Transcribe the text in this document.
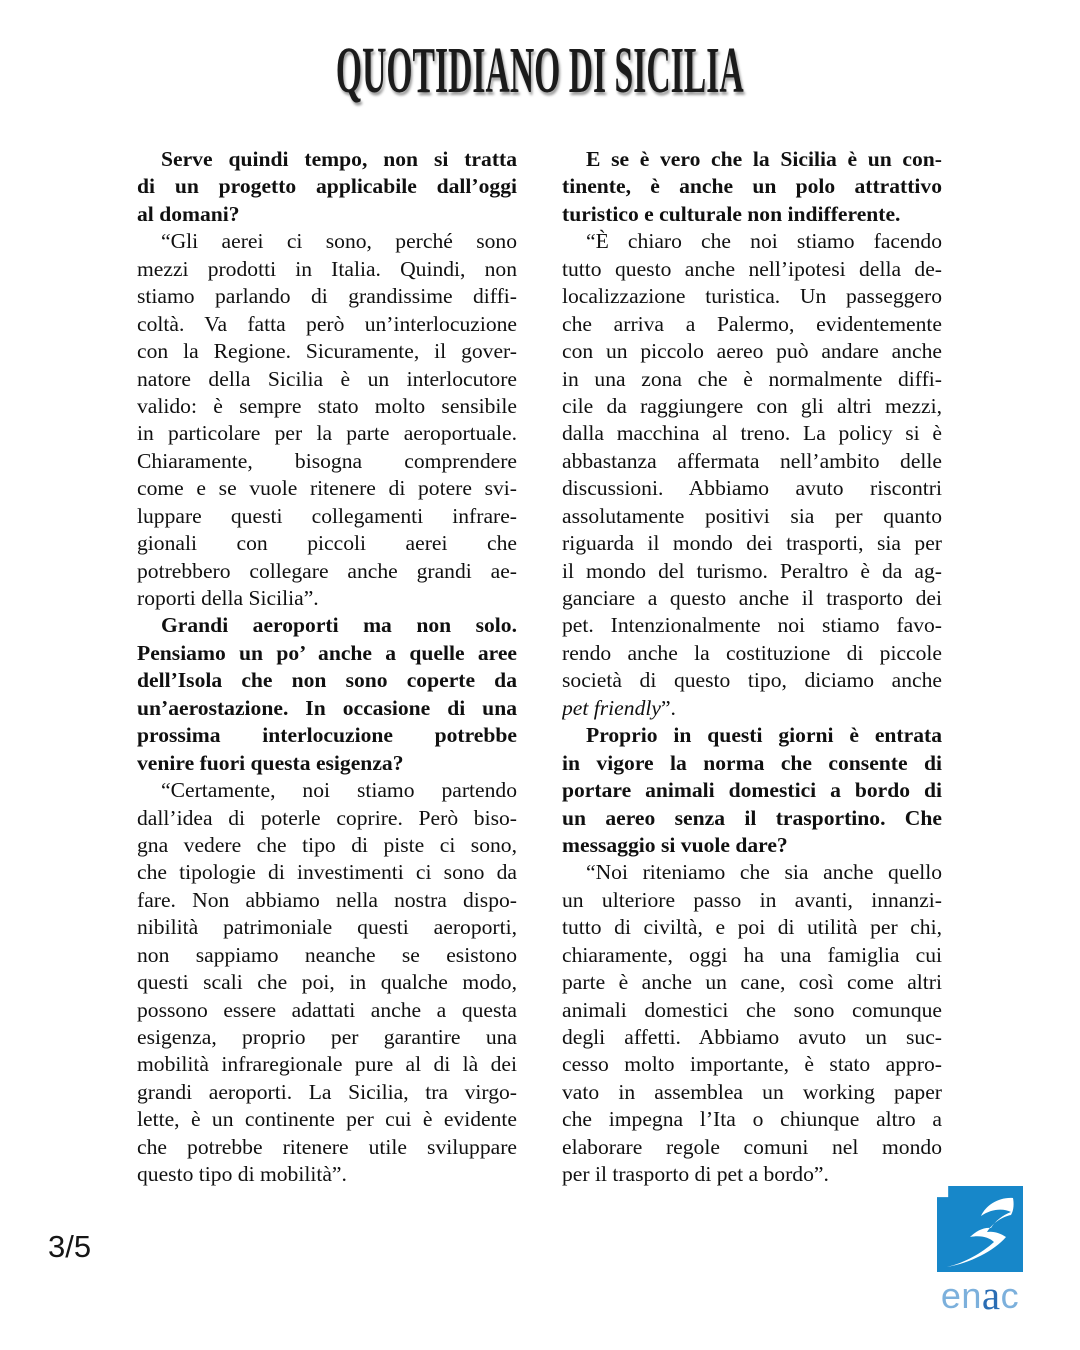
QUOTIDIANO DI SICILIA
Serve quindi tempo, non si tratta
di un progetto applicabile dall’oggi
al domani?
“Gli aerei ci sono, perché sono
mezzi prodotti in Italia. Quindi, non
stiamo parlando di grandissime diffi-
coltà. Va fatta però un’interlocuzione
con la Regione. Sicuramente, il gover-
natore della Sicilia è un interlocutore
valido: è sempre stato molto sensibile
in particolare per la parte aeroportuale.
Chiaramente, bisogna comprendere
come e se vuole ritenere di potere svi-
luppare questi collegamenti infrare-
gionali con piccoli aerei che
potrebbero collegare anche grandi ae-
roporti della Sicilia”.
Grandi aeroporti ma non solo.
Pensiamo un po’ anche a quelle aree
dell’Isola che non sono coperte da
un’aerostazione. In occasione di una
prossima interlocuzione potrebbe
venire fuori questa esigenza?
“Certamente, noi stiamo partendo
dall’idea di poterle coprire. Però biso-
gna vedere che tipo di piste ci sono,
che tipologie di investimenti ci sono da
fare. Non abbiamo nella nostra dispo-
nibilità patrimoniale questi aeroporti,
non sappiamo neanche se esistono
questi scali che poi, in qualche modo,
possono essere adattati anche a questa
esigenza, proprio per garantire una
mobilità infraregionale pure al di là dei
grandi aeroporti. La Sicilia, tra virgo-
lette, è un continente per cui è evidente
che potrebbe ritenere utile sviluppare
questo tipo di mobilità”.
E se è vero che la Sicilia è un con-
tinente, è anche un polo attrattivo
turistico e culturale non indifferente.
“È chiaro che noi stiamo facendo
tutto questo anche nell’ipotesi della de-
localizzazione turistica. Un passeggero
che arriva a Palermo, evidentemente
con un piccolo aereo può andare anche
in una zona che è normalmente diffi-
cile da raggiungere con gli altri mezzi,
dalla macchina al treno. La policy si è
abbastanza affermata nell’ambito delle
discussioni. Abbiamo avuto riscontri
assolutamente positivi sia per quanto
riguarda il mondo dei trasporti, sia per
il mondo del turismo. Peraltro è da ag-
ganciare a questo anche il trasporto dei
pet. Intenzionalmente noi stiamo favo-
rendo anche la costituzione di piccole
società di questo tipo, diciamo anche
pet friendly”.
Proprio in questi giorni è entrata
in vigore la norma che consente di
portare animali domestici a bordo di
un aereo senza il trasportino. Che
messaggio si vuole dare?
“Noi riteniamo che sia anche quello
un ulteriore passo in avanti, innanzi-
tutto di civiltà, e poi di utilità per chi,
chiaramente, oggi ha una famiglia cui
parte è anche un cane, così come altri
animali domestici che sono comunque
degli affetti. Abbiamo avuto un suc-
cesso molto importante, è stato appro-
vato in assemblea un working paper
che impegna l’Ita o chiunque altro a
elaborare regole comuni nel mondo
per il trasporto di pet a bordo”.
3/5
enac
